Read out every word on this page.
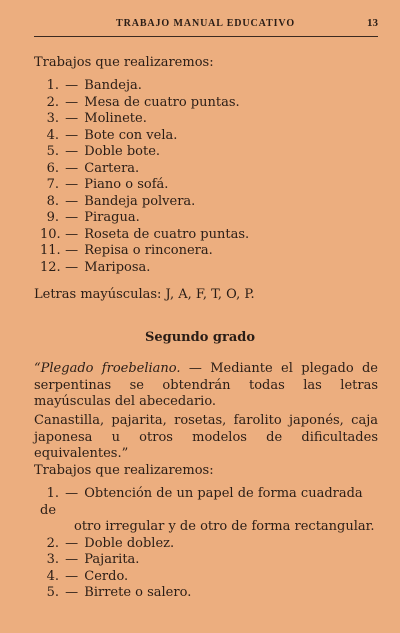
TRABAJO MANUAL EDUCATIVO	13
Trabajos que realizaremos:
1. — Bandeja.
2. — Mesa de cuatro puntas.
3. — Molinete.
4. — Bote con vela.
5. — Doble bote.
6. — Cartera.
7. — Piano o sofá.
8. — Bandeja polvera.
9. — Piragua.
10. — Roseta de cuatro puntas.
11. — Repisa o rinconera.
12. — Mariposa.
Letras mayúsculas: J, A, F, T, O, P.
Segundo grado
“Plegado froebeliano. — Mediante el plegado de serpentinas se obtendrán todas las letras mayúsculas del abecedario.
Canastilla, pajarita, rosetas, farolito japonés, caja japonesa u otros modelos de dificultades equivalentes.”
Trabajos que realizaremos:
1. — Obtención de un papel de forma cuadrada de
otro irregular y de otro de forma rectangular.
2. — Doble doblez.
3. — Pajarita.
4. — Cerdo.
5. — Birrete o salero.
